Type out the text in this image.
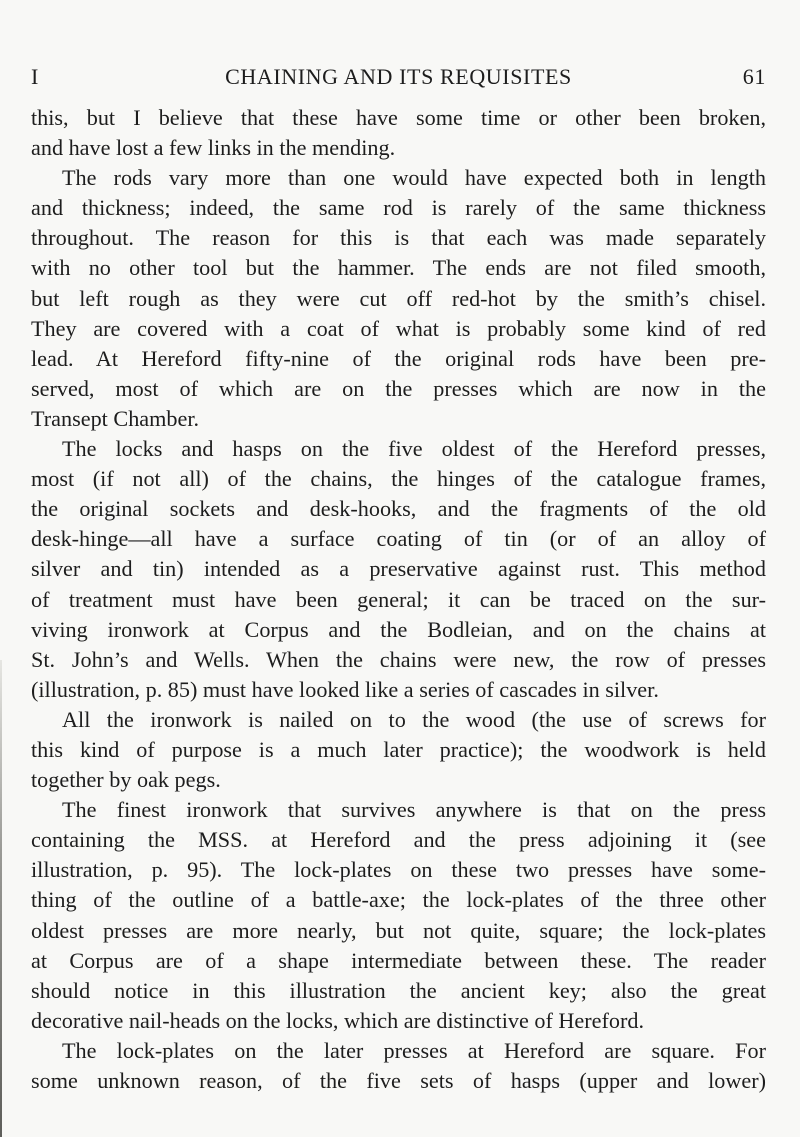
I	CHAINING AND ITS REQUISITES	61
this, but I believe that these have some time or other been broken,
and have lost a few links in the mending.
The rods vary more than one would have expected both in length
and thickness; indeed, the same rod is rarely of the same thickness
throughout. The reason for this is that each was made separately
with no other tool but the hammer. The ends are not filed smooth,
but left rough as they were cut off red-hot by the smith’s chisel.
They are covered with a coat of what is probably some kind of red
lead. At Hereford fifty-nine of the original rods have been pre-
served, most of which are on the presses which are now in the
Transept Chamber.
The locks and hasps on the five oldest of the Hereford presses,
most (if not all) of the chains, the hinges of the catalogue frames,
the original sockets and desk-hooks, and the fragments of the old
desk-hinge—all have a surface coating of tin (or of an alloy of
silver and tin) intended as a preservative against rust. This method
of treatment must have been general; it can be traced on the sur-
viving ironwork at Corpus and the Bodleian, and on the chains at
St. John’s and Wells. When the chains were new, the row of presses
(illustration, p. 85) must have looked like a series of cascades in silver.
All the ironwork is nailed on to the wood (the use of screws for
this kind of purpose is a much later practice); the woodwork is held
together by oak pegs.
The finest ironwork that survives anywhere is that on the press
containing the MSS. at Hereford and the press adjoining it (see
illustration, p. 95). The lock-plates on these two presses have some-
thing of the outline of a battle-axe; the lock-plates of the three other
oldest presses are more nearly, but not quite, square; the lock-plates
at Corpus are of a shape intermediate between these. The reader
should notice in this illustration the ancient key; also the great
decorative nail-heads on the locks, which are distinctive of Hereford.
The lock-plates on the later presses at Hereford are square. For
some unknown reason, of the five sets of hasps (upper and lower)
